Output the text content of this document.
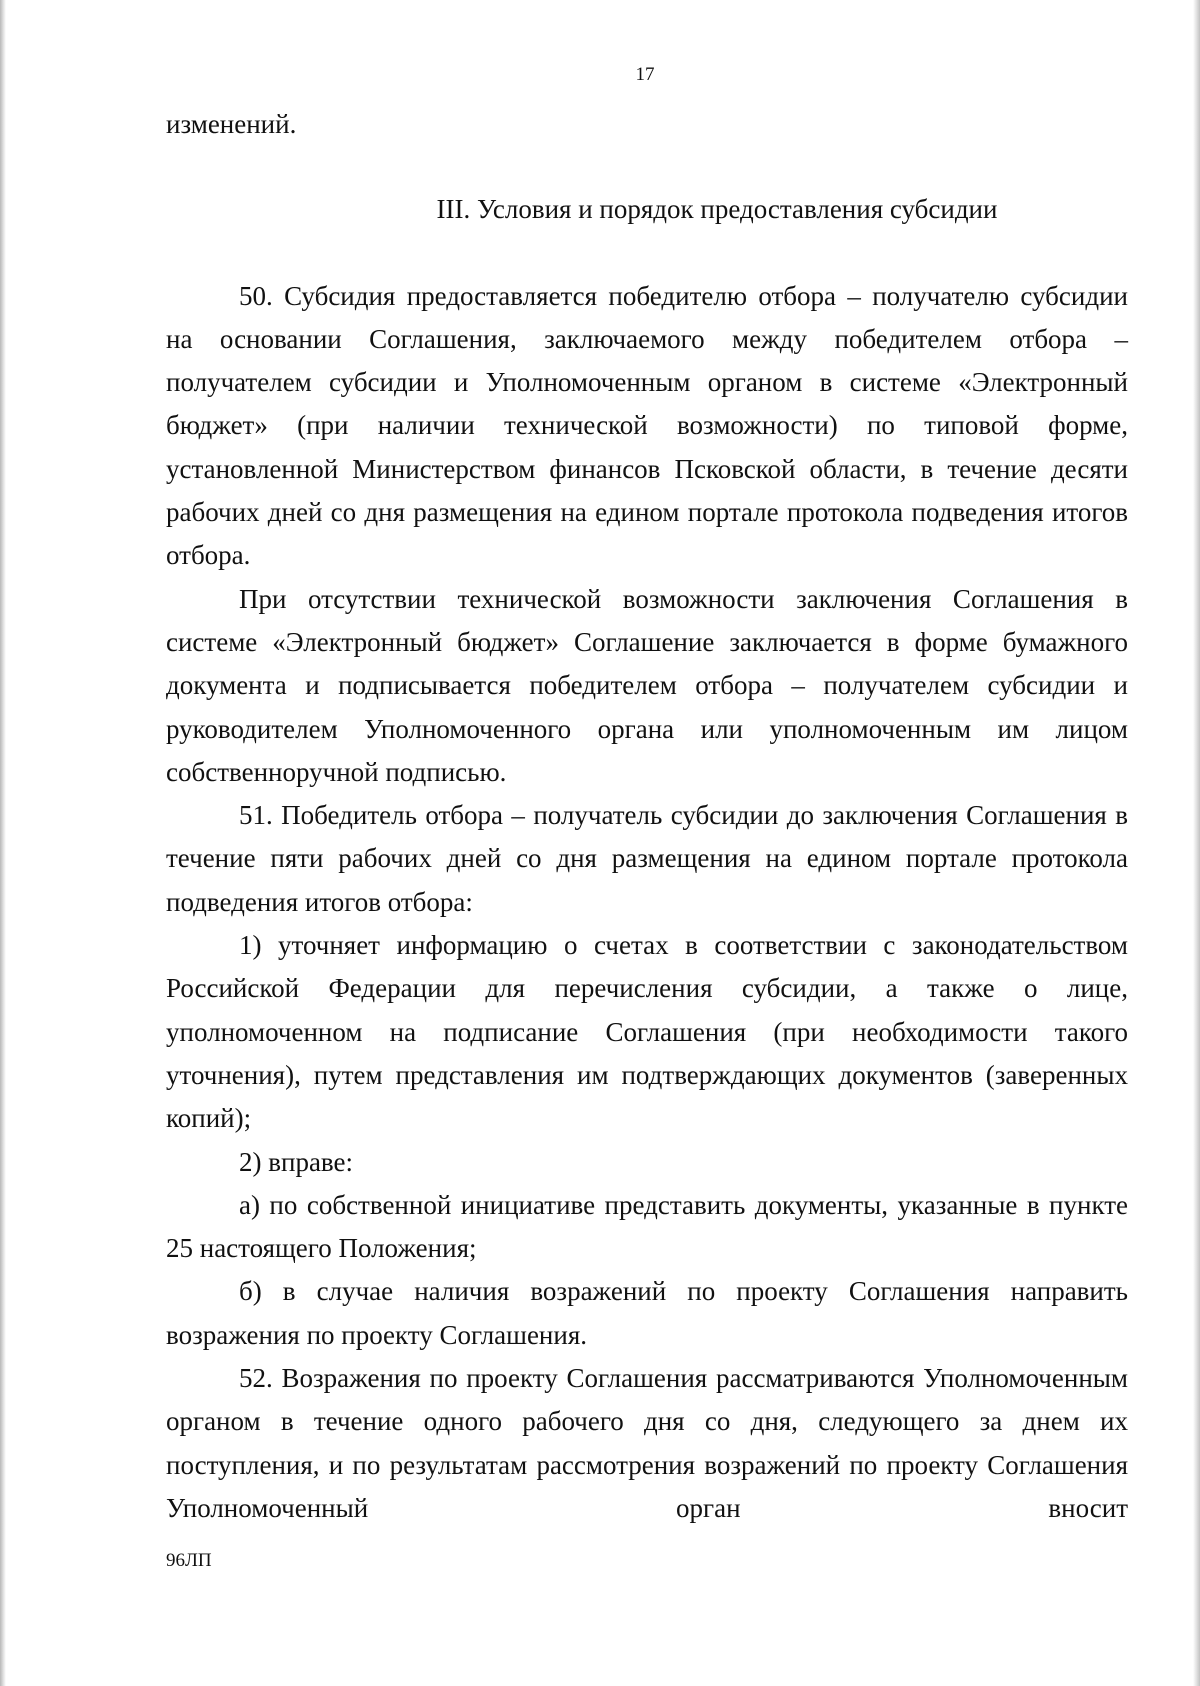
17

изменений.

III. Условия и порядок предоставления субсидии

50. Субсидия предоставляется победителю отбора – получателю субсидии на основании Соглашения, заключаемого между победителем отбора – получателем субсидии и Уполномоченным органом в системе «Электронный бюджет» (при наличии технической возможности) по типовой форме, установленной Министерством финансов Псковской области, в течение десяти рабочих дней со дня размещения на едином портале протокола подведения итогов отбора.

При отсутствии технической возможности заключения Соглашения в системе «Электронный бюджет» Соглашение заключается в форме бумажного документа и подписывается победителем отбора – получателем субсидии и руководителем Уполномоченного органа или уполномоченным им лицом собственноручной подписью.

51. Победитель отбора – получатель субсидии до заключения Соглашения в течение пяти рабочих дней со дня размещения на едином портале протокола подведения итогов отбора:

1) уточняет информацию о счетах в соответствии с законодательством Российской Федерации для перечисления субсидии, а также о лице, уполномоченном на подписание Соглашения (при необходимости такого уточнения), путем представления им подтверждающих документов (заверенных копий);

2) вправе:

а) по собственной инициативе представить документы, указанные в пункте 25 настоящего Положения;

б) в случае наличия возражений по проекту Соглашения направить возражения по проекту Соглашения.

52. Возражения по проекту Соглашения рассматриваются Уполномоченным органом в течение одного рабочего дня со дня, следующего за днем их поступления, и по результатам рассмотрения возражений по проекту Соглашения Уполномоченный орган вносит

96ЛП
